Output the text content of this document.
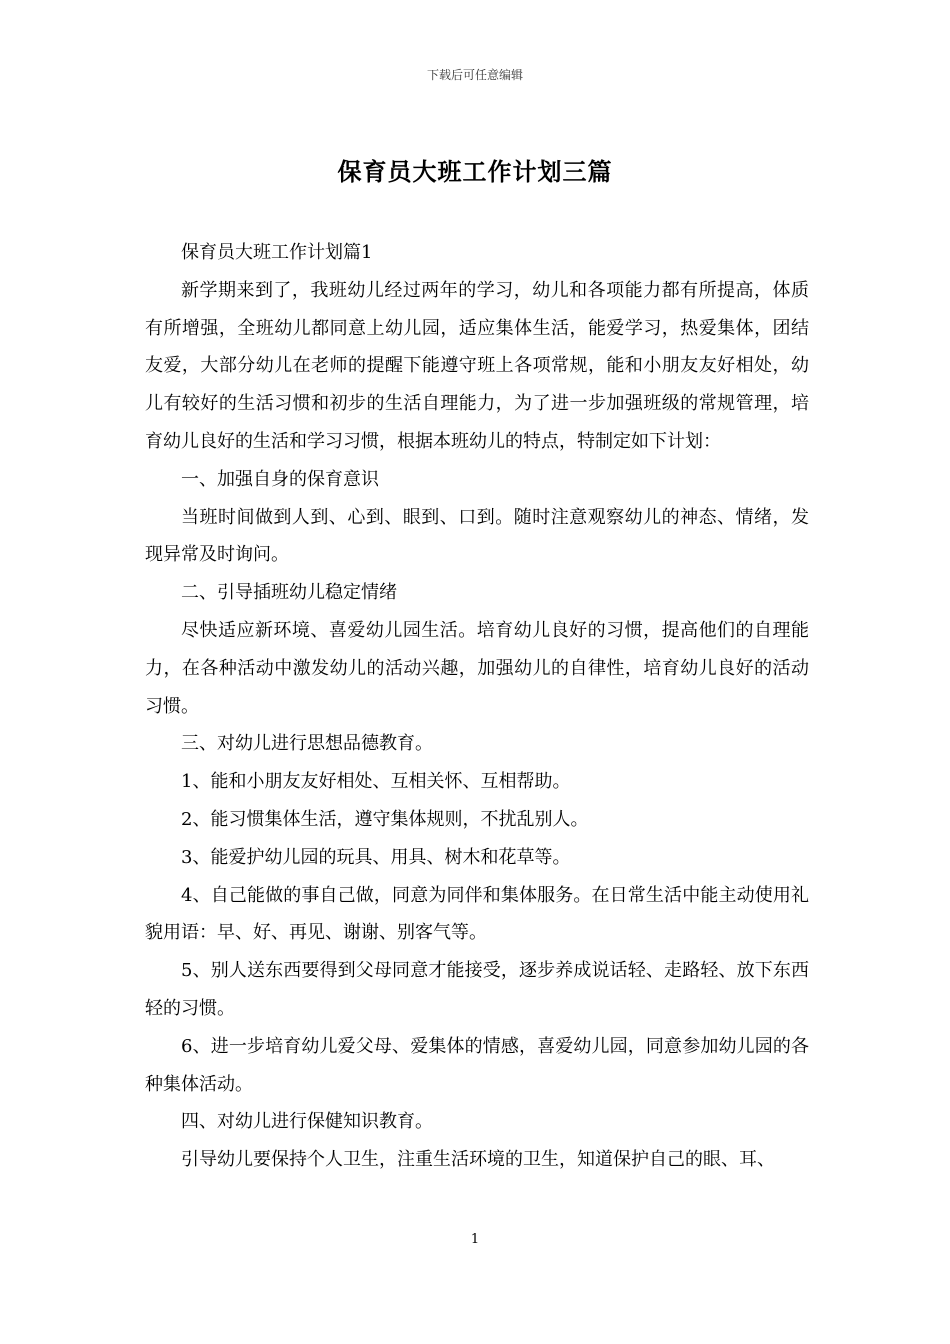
下载后可任意编辑
保育员大班工作计划三篇

保育员大班工作计划篇1

新学期来到了，我班幼儿经过两年的学习，幼儿和各项能力都有所提高，体质有所增强，全班幼儿都同意上幼儿园，适应集体生活，能爱学习，热爱集体，团结友爱，大部分幼儿在老师的提醒下能遵守班上各项常规，能和小朋友友好相处，幼儿有较好的生活习惯和初步的生活自理能力，为了进一步加强班级的常规管理，培育幼儿良好的生活和学习习惯，根据本班幼儿的特点，特制定如下计划：

一、加强自身的保育意识

当班时间做到人到、心到、眼到、口到。随时注意观察幼儿的神态、情绪，发现异常及时询问。

二、引导插班幼儿稳定情绪

尽快适应新环境、喜爱幼儿园生活。培育幼儿良好的习惯，提高他们的自理能力，在各种活动中激发幼儿的活动兴趣，加强幼儿的自律性，培育幼儿良好的活动习惯。

三、对幼儿进行思想品德教育。

1、能和小朋友友好相处、互相关怀、互相帮助。

2、能习惯集体生活，遵守集体规则，不扰乱别人。

3、能爱护幼儿园的玩具、用具、树木和花草等。

4、自己能做的事自己做，同意为同伴和集体服务。在日常生活中能主动使用礼貌用语：早、好、再见、谢谢、别客气等。

5、别人送东西要得到父母同意才能接受，逐步养成说话轻、走路轻、放下东西轻的习惯。

6、进一步培育幼儿爱父母、爱集体的情感，喜爱幼儿园，同意参加幼儿园的各种集体活动。

四、对幼儿进行保健知识教育。

引导幼儿要保持个人卫生，注重生活环境的卫生，知道保护自己的眼、耳、

1
